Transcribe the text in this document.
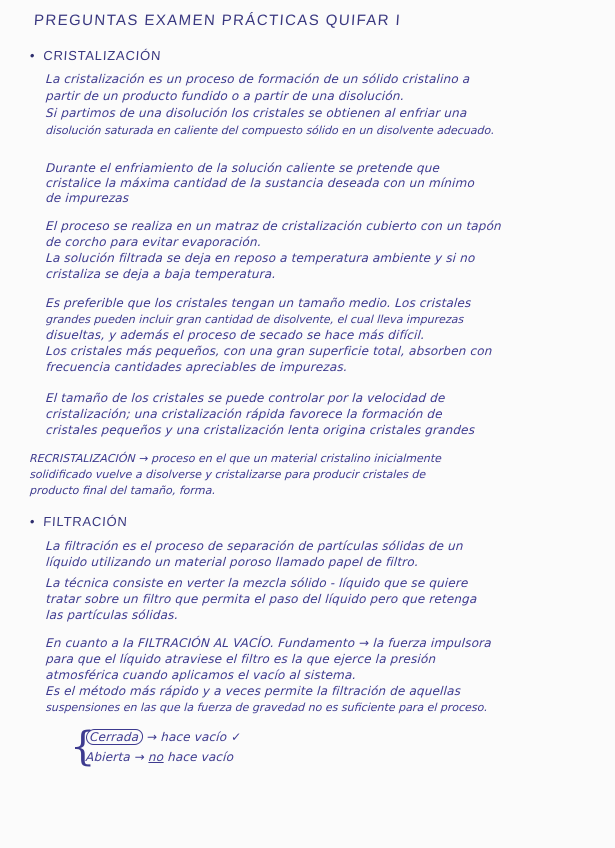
PREGUNTAS EXAMEN PRÁCTICAS QUIFAR I
• CRISTALIZACIÓN
La cristalización es un proceso de formación de un sólido cristalino a
partir de un producto fundido o a partir de una disolución.
Si partimos de una disolución los cristales se obtienen al enfriar una
disolución saturada en caliente del compuesto sólido en un disolvente adecuado.
Durante el enfriamiento de la solución caliente se pretende que
cristalice la máxima cantidad de la sustancia deseada con un mínimo
de impurezas
El proceso se realiza en un matraz de cristalización cubierto con un tapón
de corcho para evitar evaporación.
La solución filtrada se deja en reposo a temperatura ambiente y si no
cristaliza se deja a baja temperatura.
Es preferible que los cristales tengan un tamaño medio. Los cristales
grandes pueden incluir gran cantidad de disolvente, el cual lleva impurezas
disueltas, y además el proceso de secado se hace más difícil.
Los cristales más pequeños, con una gran superficie total, absorben con
frecuencia cantidades apreciables de impurezas.
El tamaño de los cristales se puede controlar por la velocidad de
cristalización; una cristalización rápida favorece la formación de
cristales pequeños y una cristalización lenta origina cristales grandes
RECRISTALIZACIÓN → proceso en el que un material cristalino inicialmente
solidificado vuelve a disolverse y cristalizarse para producir cristales de
producto final del tamaño, forma.
• FILTRACIÓN
La filtración es el proceso de separación de partículas sólidas de un
líquido utilizando un material poroso llamado papel de filtro.
La técnica consiste en verter la mezcla sólido - líquido que se quiere
tratar sobre un filtro que permita el paso del líquido pero que retenga
las partículas sólidas.
En cuanto a la FILTRACIÓN AL VACÍO. Fundamento → la fuerza impulsora
para que el líquido atraviese el filtro es la que ejerce la presión
atmosférica cuando aplicamos el vacío al sistema.
Es el método más rápido y a veces permite la filtración de aquellas
suspensiones en las que la fuerza de gravedad no es suficiente para el proceso.
{
Cerrada → hace vacío ✓
Abierta → no hace vacío
